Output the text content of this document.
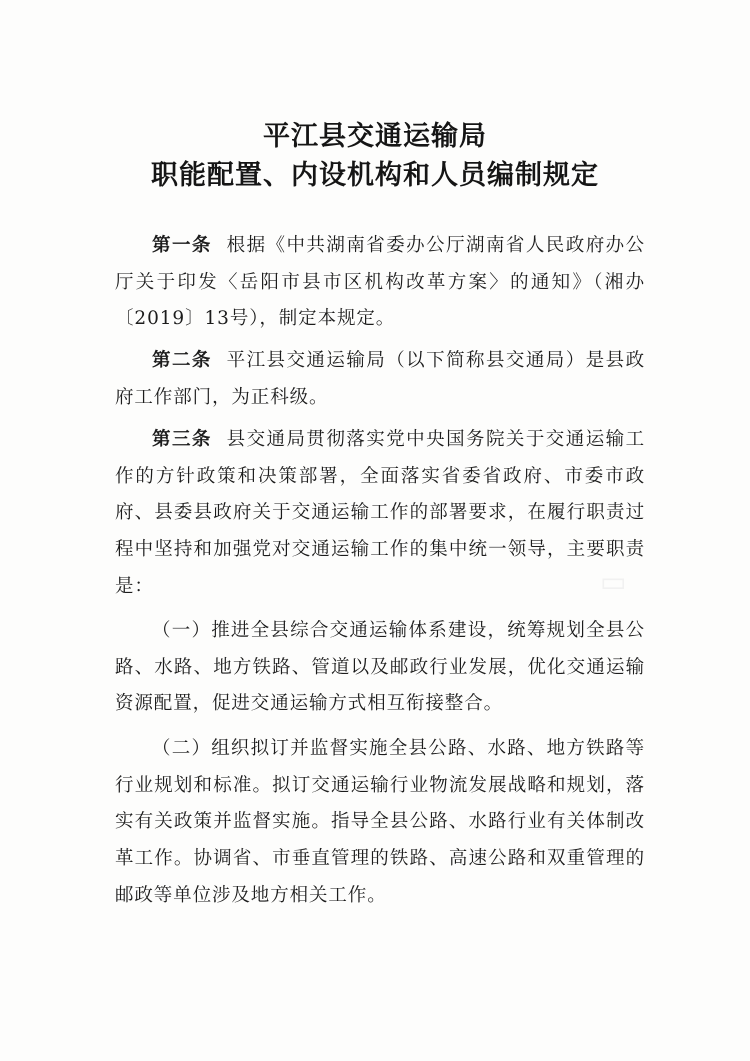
▭
平江县交通运输局
职能配置、内设机构和人员编制规定

第一条 根据《中共湖南省委办公厅湖南省人民政府办公厅关于印发〈岳阳市县市区机构改革方案〉的通知》（湘办〔2019〕13号），制定本规定。

第二条 平江县交通运输局（以下简称县交通局）是县政府工作部门，为正科级。

第三条 县交通局贯彻落实党中央国务院关于交通运输工作的方针政策和决策部署，全面落实省委省政府、市委市政府、县委县政府关于交通运输工作的部署要求，在履行职责过程中坚持和加强党对交通运输工作的集中统一领导，主要职责是：

（一）推进全县综合交通运输体系建设，统筹规划全县公路、水路、地方铁路、管道以及邮政行业发展，优化交通运输资源配置，促进交通运输方式相互衔接整合。

（二）组织拟订并监督实施全县公路、水路、地方铁路等行业规划和标准。拟订交通运输行业物流发展战略和规划，落实有关政策并监督实施。指导全县公路、水路行业有关体制改革工作。协调省、市垂直管理的铁路、高速公路和双重管理的邮政等单位涉及地方相关工作。
